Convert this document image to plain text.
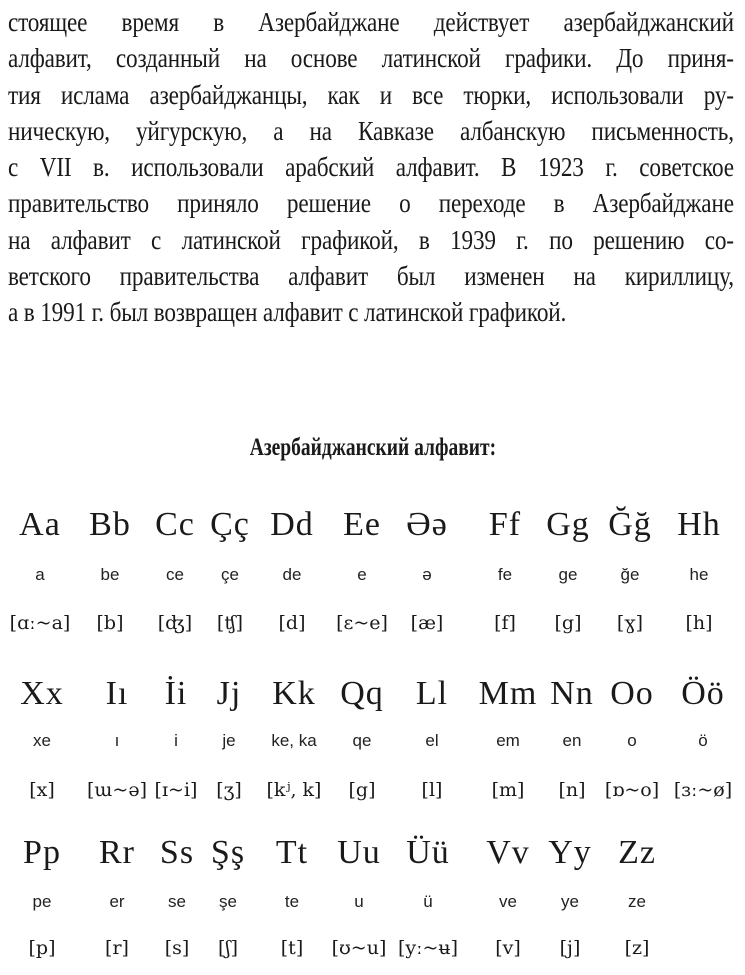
стоящее время в Азербайджане действует азербайджанский
алфавит, созданный на основе латинской графики. До приня-
тия ислама азербайджанцы, как и все тюрки, использовали ру-
ническую, уйгурскую, а на Кавказе албанскую письменность,
с VII в. использовали арабский алфавит. В 1923 г. советское
правительство приняло решение о переходе в Азербайджане
на алфавит с латинской графикой, в 1939 г. по решению со-
ветского правительства алфавит был изменен на кириллицу,
а в 1991 г. был возвращен алфавит с латинской графикой.
Азербайджанский алфавит:
Aa
a
[ɑː~a]
Bb
be
[b]
Cc
ce
[ʤ]
Çç
çe
[ʧ]
Dd
de
[d]
Ee
e
[ɛ~e]
Əə
ə
[æ]
Ff
fe
[f]
Gg
ge
[g]
Ğğ
ğe
[ɣ]
Hh
he
[h]
Xx
xe
[x]
Iı
ı
[ɯ~ə]
İi
i
[ɪ~i]
Jj
je
[ʒ]
Kk
ke, ka
[kʲ, k]
Qq
qe
[g]
Ll
el
[l]
Mm
em
[m]
Nn
en
[n]
Oo
o
[ɒ~o]
Öö
ö
[ɜː~ø]
Pp
pe
[p]
Rr
er
[r]
Ss
se
[s]
Şş
şe
[ʃ]
Tt
te
[t]
Uu
u
[ʊ~u]
Üü
ü
[yː~ʉ]
Vv
ve
[v]
Yy
ye
[j]
Zz
ze
[z]
